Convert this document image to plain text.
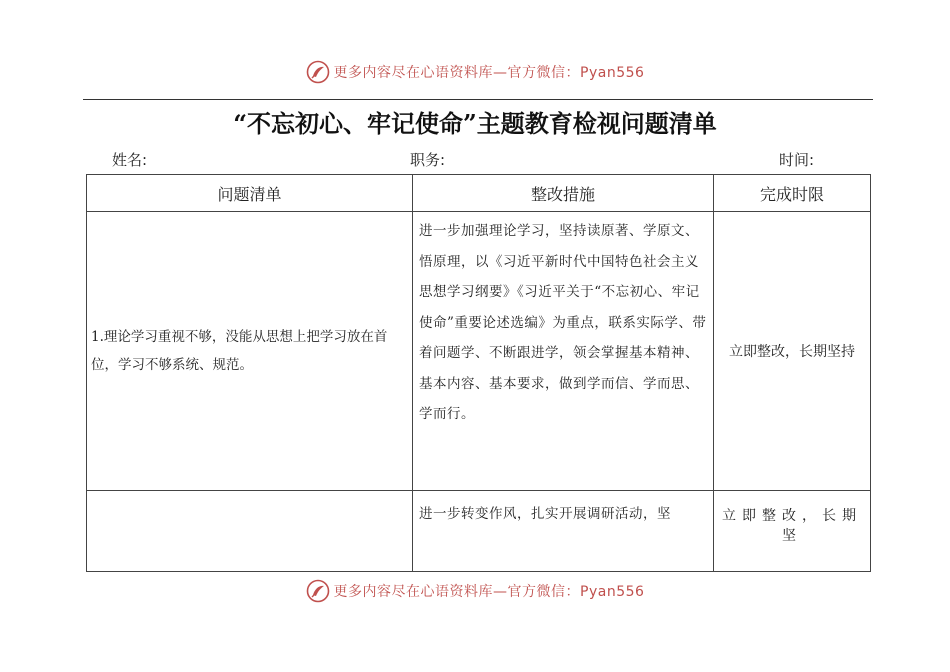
更多内容尽在心语资料库—官方微信：Pyan556
“不忘初心、牢记使命”主题教育检视问题清单
姓名:	职务:	时间:
问题清单	整改措施	完成时限
1.理论学习重视不够，没能从思想上把学习放在首位，学习不够系统、规范。	进一步加强理论学习，坚持读原著、学原文、悟原理，以《习近平新时代中国特色社会主义思想学习纲要》《习近平关于“不忘初心、牢记使命”重要论述选编》为重点，联系实际学、带着问题学、不断跟进学，领会掌握基本精神、基本内容、基本要求，做到学而信、学而思、学而行。	立即整改，长期坚持
	进一步转变作风，扎实开展调研活动，坚	立即整改，长期坚
更多内容尽在心语资料库—官方微信：Pyan556
